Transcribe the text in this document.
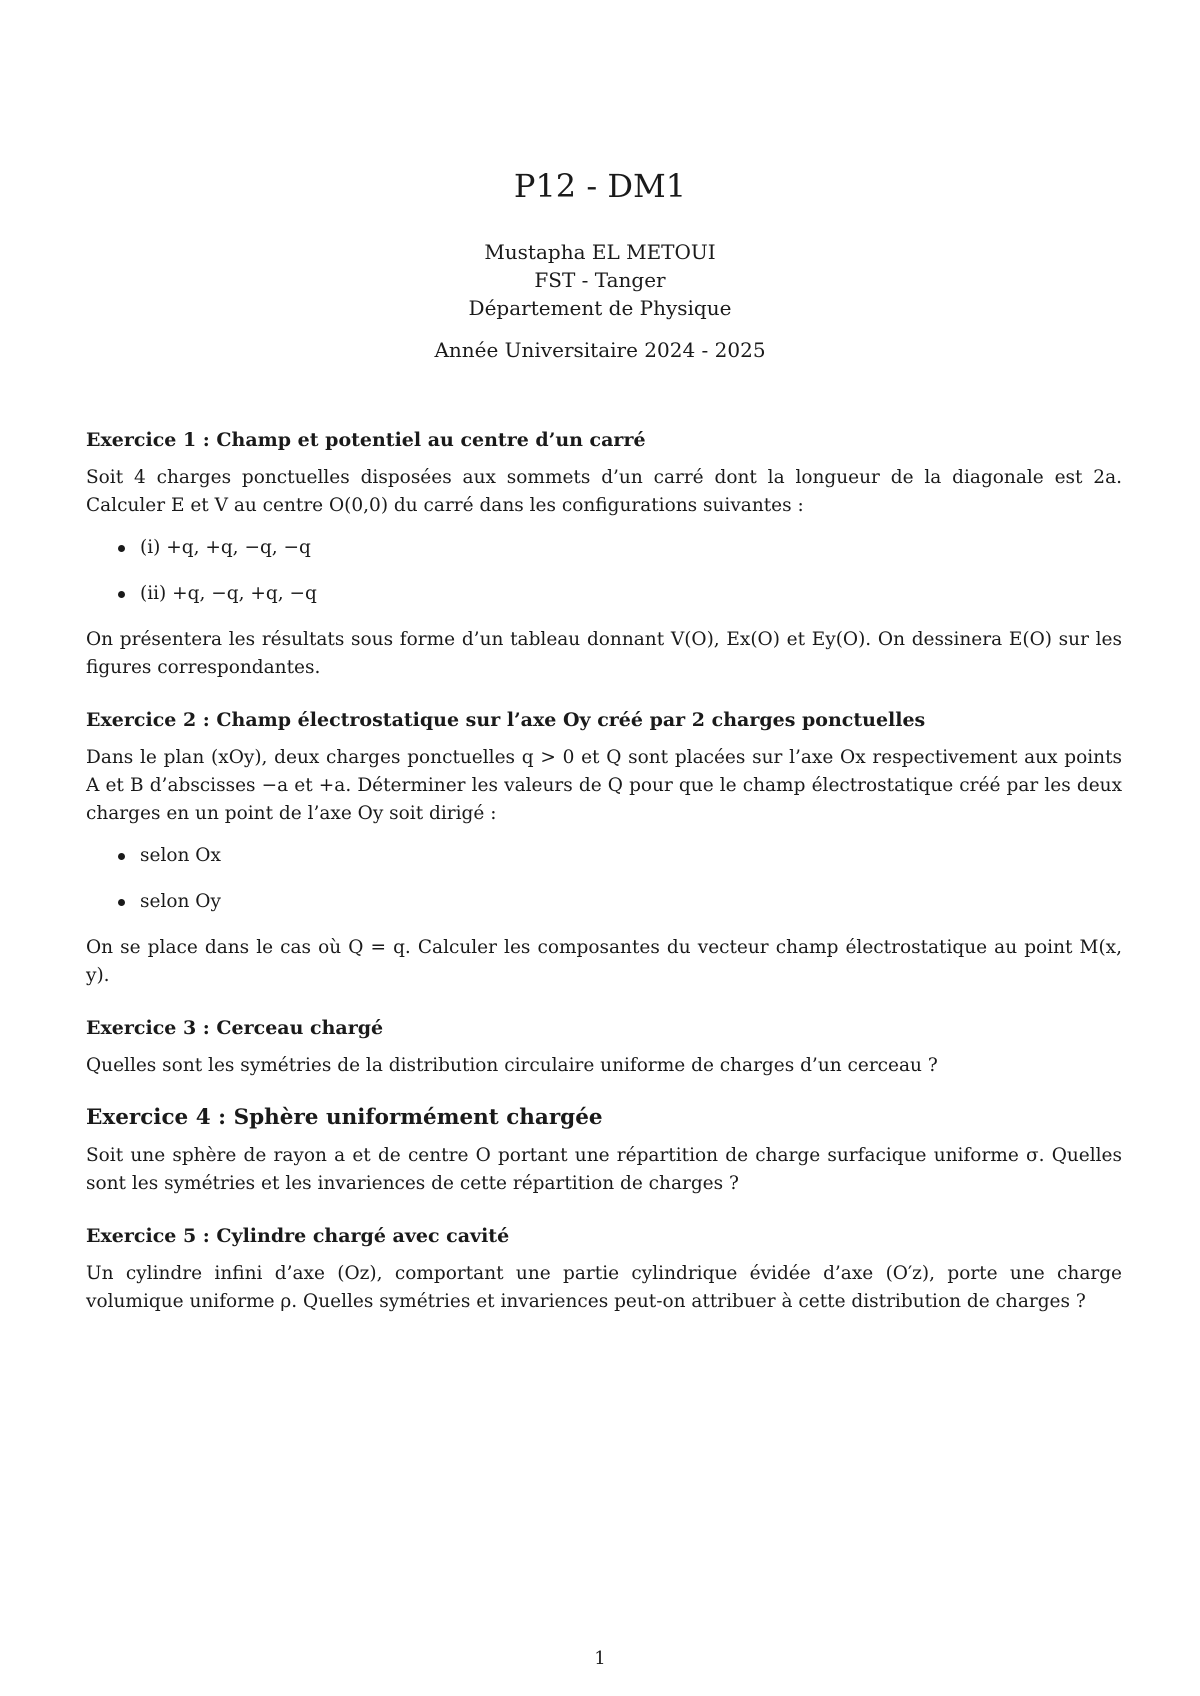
P12 - DM1
Mustapha EL METOUI
FST - Tanger
Département de Physique
Année Universitaire 2024 - 2025
Exercice 1 : Champ et potentiel au centre d’un carré

Soit 4 charges ponctuelles disposées aux sommets d’un carré dont la longueur de la diagonale est 2a. Calculer E et V au centre O(0,0) du carré dans les configurations suivantes :

(i) +q, +q, −q, −q
(ii) +q, −q, +q, −q

On présentera les résultats sous forme d’un tableau donnant V(O), Ex(O) et Ey(O). On dessinera E(O) sur les figures correspondantes.

Exercice 2 : Champ électrostatique sur l’axe Oy créé par 2 charges ponctuelles

Dans le plan (xOy), deux charges ponctuelles q > 0 et Q sont placées sur l’axe Ox respectivement aux points A et B d’abscisses −a et +a. Déterminer les valeurs de Q pour que le champ électrostatique créé par les deux charges en un point de l’axe Oy soit dirigé :

selon Ox
selon Oy

On se place dans le cas où Q = q. Calculer les composantes du vecteur champ électrostatique au point M(x, y).

Exercice 3 : Cerceau chargé

Quelles sont les symétries de la distribution circulaire uniforme de charges d’un cerceau ?

Exercice 4 : Sphère uniformément chargée

Soit une sphère de rayon a et de centre O portant une répartition de charge surfacique uniforme σ. Quelles sont les symétries et les invariences de cette répartition de charges ?

Exercice 5 : Cylindre chargé avec cavité

Un cylindre infini d’axe (Oz), comportant une partie cylindrique évidée d’axe (O′z), porte une charge volumique uniforme ρ. Quelles symétries et invariences peut-on attribuer à cette distribution de charges ?

1
